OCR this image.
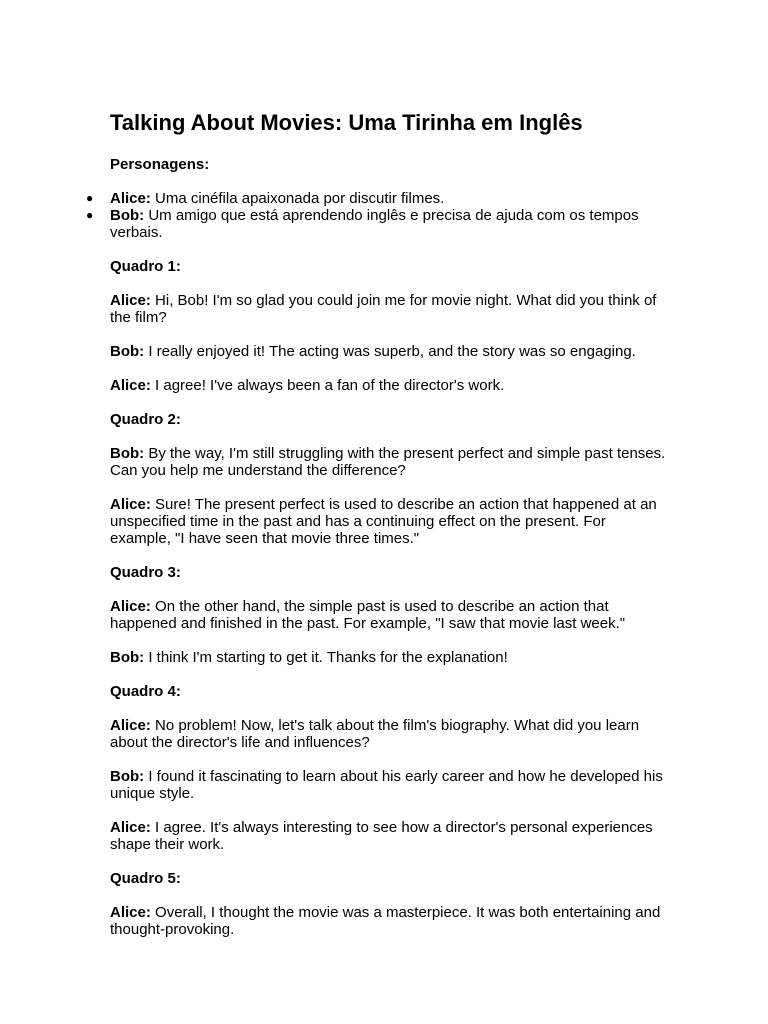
Talking About Movies: Uma Tirinha em Inglês

Personagens:

● Alice: Uma cinéfila apaixonada por discutir filmes.
● Bob: Um amigo que está aprendendo inglês e precisa de ajuda com os tempos verbais.

Quadro 1:

Alice: Hi, Bob! I'm so glad you could join me for movie night. What did you think of the film?

Bob: I really enjoyed it! The acting was superb, and the story was so engaging.

Alice: I agree! I've always been a fan of the director's work.

Quadro 2:

Bob: By the way, I'm still struggling with the present perfect and simple past tenses. Can you help me understand the difference?

Alice: Sure! The present perfect is used to describe an action that happened at an unspecified time in the past and has a continuing effect on the present. For example, "I have seen that movie three times."

Quadro 3:

Alice: On the other hand, the simple past is used to describe an action that happened and finished in the past. For example, "I saw that movie last week."

Bob: I think I'm starting to get it. Thanks for the explanation!

Quadro 4:

Alice: No problem! Now, let's talk about the film's biography. What did you learn about the director's life and influences?

Bob: I found it fascinating to learn about his early career and how he developed his unique style.

Alice: I agree. It's always interesting to see how a director's personal experiences shape their work.

Quadro 5:

Alice: Overall, I thought the movie was a masterpiece. It was both entertaining and thought-provoking.
